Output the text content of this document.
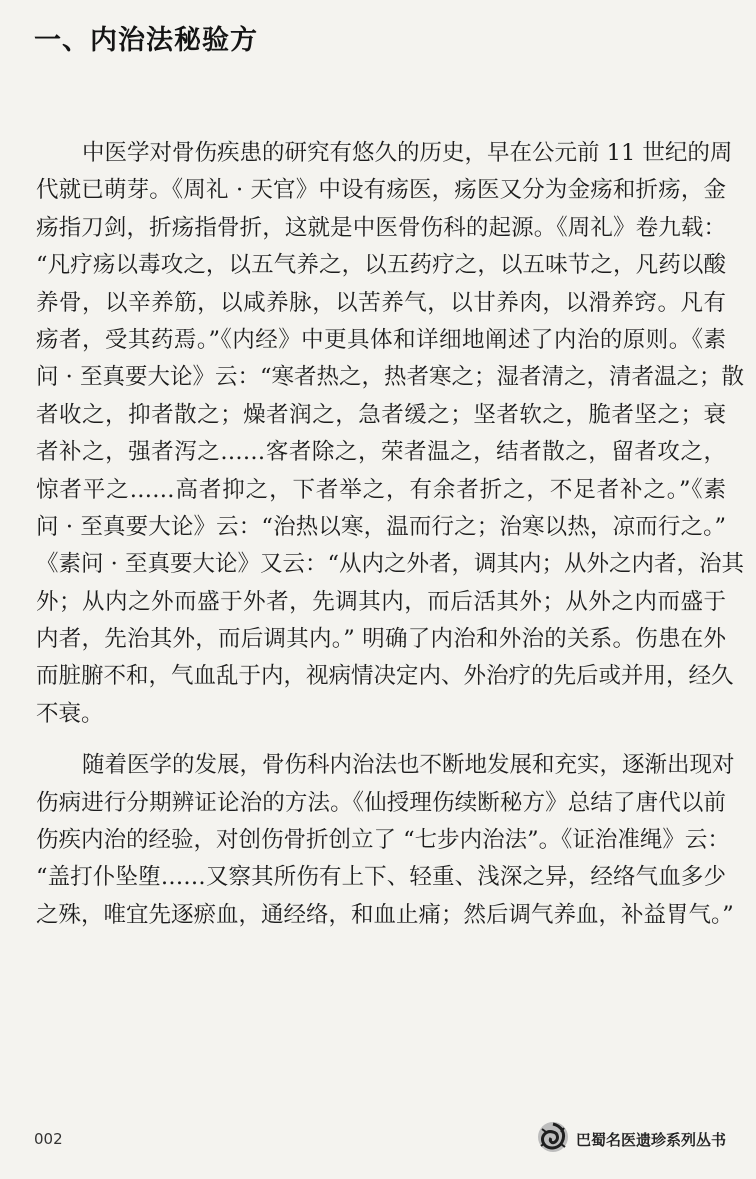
一、内治法秘验方
中医学对骨伤疾患的研究有悠久的历史，早在公元前 11 世纪的周
代就已萌芽。《周礼 · 天官》中设有疡医，疡医又分为金疡和折疡，金
疡指刀剑，折疡指骨折，这就是中医骨伤科的起源。《周礼》卷九载：
“凡疗疡以毒攻之，以五气养之，以五药疗之，以五味节之，凡药以酸
养骨，以辛养筋，以咸养脉，以苦养气，以甘养肉，以滑养窍。凡有
疡者，受其药焉。”《内经》中更具体和详细地阐述了内治的原则。《素
问 · 至真要大论》云：“寒者热之，热者寒之；湿者清之，清者温之；散
者收之，抑者散之；燥者润之，急者缓之；坚者软之，脆者坚之；衰
者补之，强者泻之……客者除之，荣者温之，结者散之，留者攻之，
惊者平之……高者抑之，下者举之，有余者折之，不足者补之。”《素
问 · 至真要大论》云：“治热以寒，温而行之；治寒以热，凉而行之。”
《素问 · 至真要大论》又云：“从内之外者，调其内；从外之内者，治其
外；从内之外而盛于外者，先调其内，而后活其外；从外之内而盛于
内者，先治其外，而后调其内。” 明确了内治和外治的关系。伤患在外
而脏腑不和，气血乱于内，视病情决定内、外治疗的先后或并用，经久
不衰。
随着医学的发展，骨伤科内治法也不断地发展和充实，逐渐出现对
伤病进行分期辨证论治的方法。《仙授理伤续断秘方》总结了唐代以前
伤疾内治的经验，对创伤骨折创立了 “七步内治法”。《证治准绳》云：
“盖打仆坠堕……又察其所伤有上下、轻重、浅深之异，经络气血多少
之殊，唯宜先逐瘀血，通经络，和血止痛；然后调气养血，补益胃气。”
002	巴蜀名医遗珍系列丛书
